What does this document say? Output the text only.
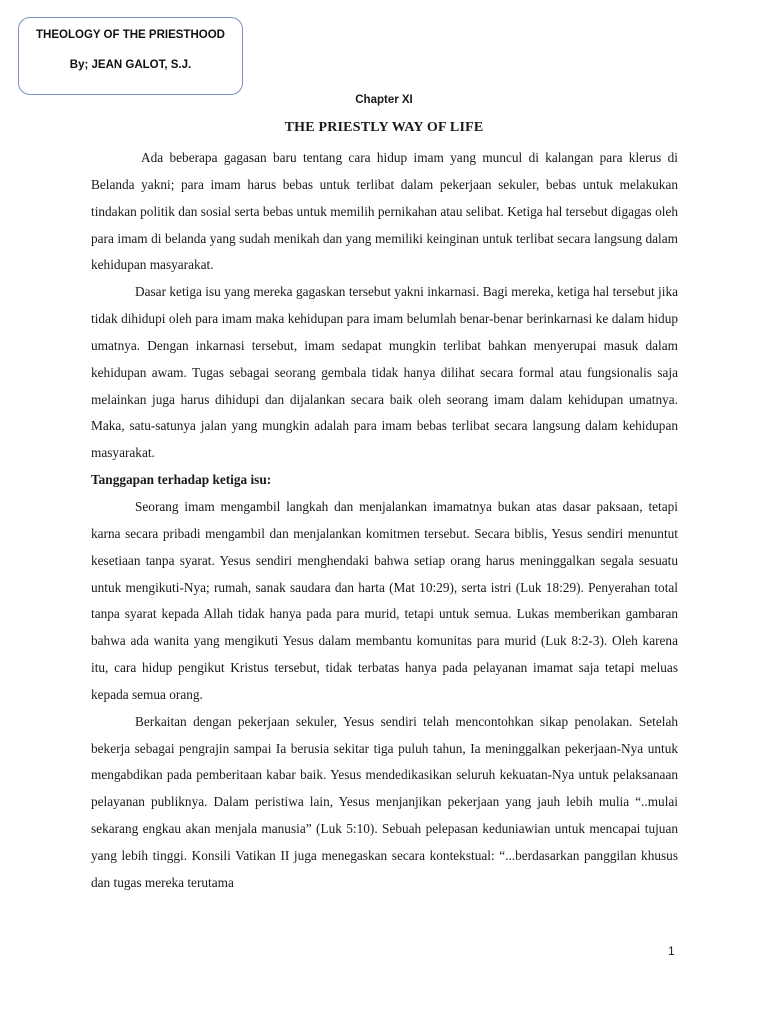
THEOLOGY OF THE PRIESTHOOD
By; JEAN GALOT, S.J.
Chapter XI
THE PRIESTLY WAY OF LIFE

Ada beberapa gagasan baru tentang cara hidup imam yang muncul di kalangan para klerus di Belanda yakni; para imam harus bebas untuk terlibat dalam pekerjaan sekuler, bebas untuk melakukan tindakan politik dan sosial serta bebas untuk memilih pernikahan atau selibat. Ketiga hal tersebut digagas oleh para imam di belanda yang sudah menikah dan yang memiliki keinginan untuk terlibat secara langsung dalam kehidupan masyarakat.

Dasar ketiga isu yang mereka gagaskan tersebut yakni inkarnasi. Bagi mereka, ketiga hal tersebut jika tidak dihidupi oleh para imam maka kehidupan para imam belumlah benar-benar berinkarnasi ke dalam hidup umatnya. Dengan inkarnasi tersebut, imam sedapat mungkin terlibat bahkan menyerupai masuk dalam kehidupan awam. Tugas sebagai seorang gembala tidak hanya dilihat secara formal atau fungsionalis saja melainkan juga harus dihidupi dan dijalankan secara baik oleh seorang imam dalam kehidupan umatnya. Maka, satu-satunya jalan yang mungkin adalah para imam bebas terlibat secara langsung dalam kehidupan masyarakat.

Tanggapan terhadap ketiga isu:

Seorang imam mengambil langkah dan menjalankan imamatnya bukan atas dasar paksaan, tetapi karna secara pribadi mengambil dan menjalankan komitmen tersebut. Secara biblis, Yesus sendiri menuntut kesetiaan tanpa syarat. Yesus sendiri menghendaki bahwa setiap orang harus meninggalkan segala sesuatu untuk mengikuti-Nya; rumah, sanak saudara dan harta (Mat 10:29), serta istri (Luk 18:29). Penyerahan total tanpa syarat kepada Allah tidak hanya pada para murid, tetapi untuk semua. Lukas memberikan gambaran bahwa ada wanita yang mengikuti Yesus dalam membantu komunitas para murid (Luk 8:2-3). Oleh karena itu, cara hidup pengikut Kristus tersebut, tidak terbatas hanya pada pelayanan imamat saja tetapi meluas kepada semua orang.

Berkaitan dengan pekerjaan sekuler, Yesus sendiri telah mencontohkan sikap penolakan. Setelah bekerja sebagai pengrajin sampai Ia berusia sekitar tiga puluh tahun, Ia meninggalkan pekerjaan-Nya untuk mengabdikan pada pemberitaan kabar baik. Yesus mendedikasikan seluruh kekuatan-Nya untuk pelaksanaan pelayanan publiknya. Dalam peristiwa lain, Yesus menjanjikan pekerjaan yang jauh lebih mulia “..mulai sekarang engkau akan menjala manusia” (Luk 5:10). Sebuah pelepasan keduniawian untuk mencapai tujuan yang lebih tinggi. Konsili Vatikan II juga menegaskan secara kontekstual: “...berdasarkan panggilan khusus dan tugas mereka terutama

1
